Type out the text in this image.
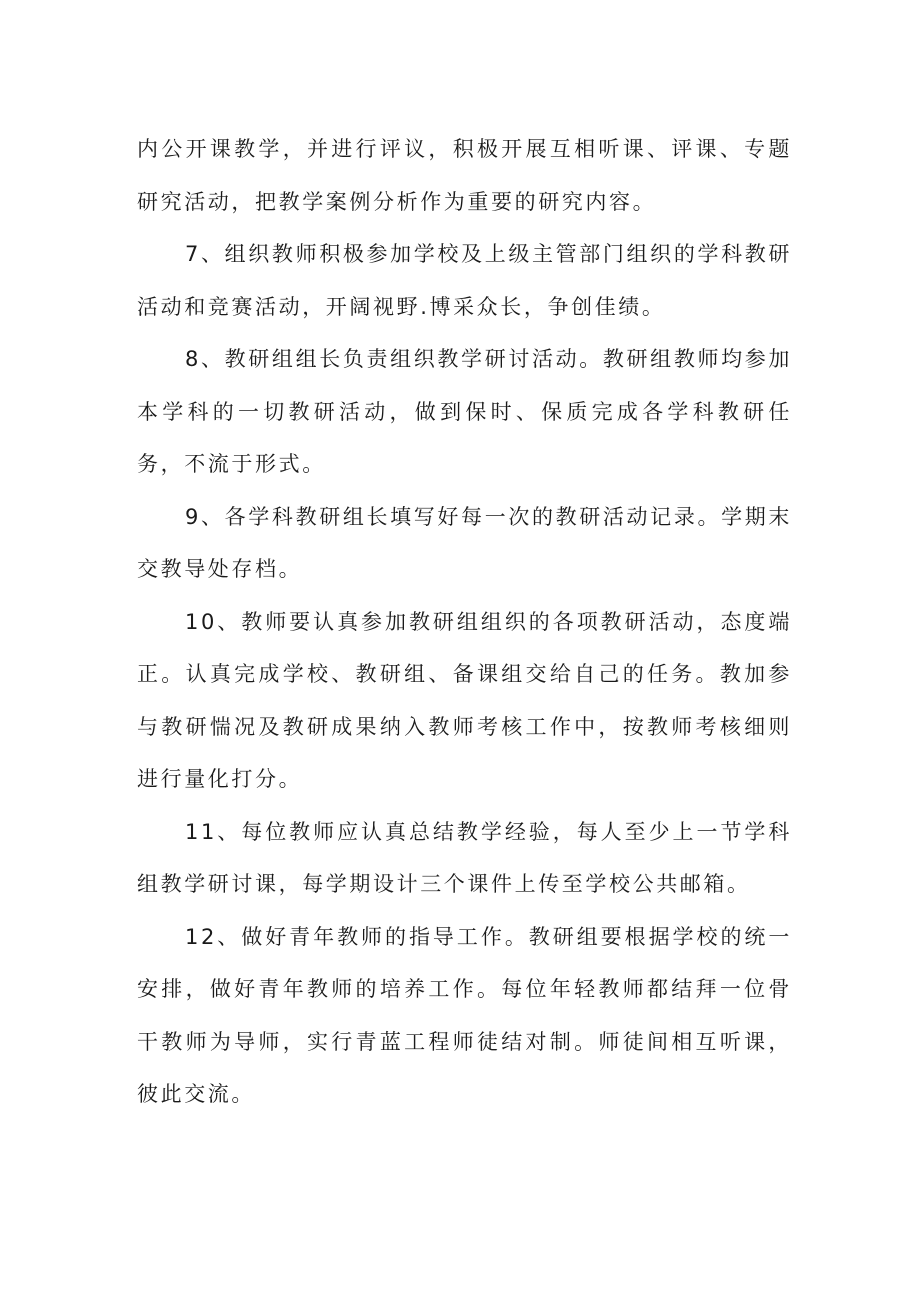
内公开课教学，并进行评议，积极开展互相听课、评课、专题研究活动，把教学案例分析作为重要的研究内容。

7、组织教师积极参加学校及上级主管部门组织的学科教研活动和竞赛活动，开阔视野.博采众长，争创佳绩。

8、教研组组长负责组织教学研讨活动。教研组教师均参加本学科的一切教研活动，做到保时、保质完成各学科教研任务，不流于形式。

9、各学科教研组长填写好每一次的教研活动记录。学期末交教导处存档。

10、教师要认真参加教研组组织的各项教研活动，态度端正。认真完成学校、教研组、备课组交给自己的任务。教加参与教研惴况及教研成果纳入教师考核工作中，按教师考核细则进行量化打分。

11、每位教师应认真总结教学经验，每人至少上一节学科组教学研讨课，每学期设计三个课件上传至学校公共邮箱。

12、做好青年教师的指导工作。教研组要根据学校的统一安排，做好青年教师的培养工作。每位年轻教师都结拜一位骨干教师为导师，实行青蓝工程师徒结对制。师徒间相互听课，彼此交流。
